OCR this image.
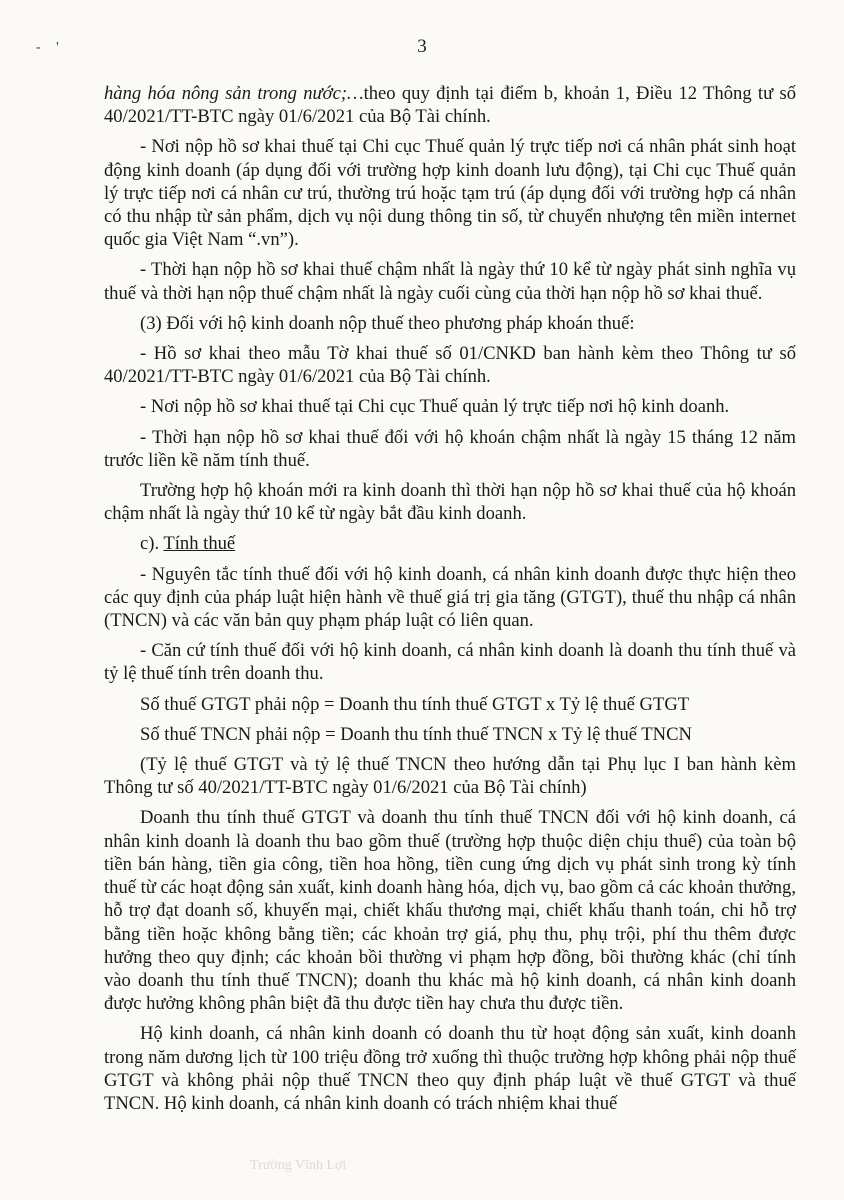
- '	3

hàng hóa nông sản trong nước;…theo quy định tại điểm b, khoản 1, Điều 12 Thông tư số 40/2021/TT-BTC ngày 01/6/2021 của Bộ Tài chính.

- Nơi nộp hồ sơ khai thuế tại Chi cục Thuế quản lý trực tiếp nơi cá nhân phát sinh hoạt động kinh doanh (áp dụng đối với trường hợp kinh doanh lưu động), tại Chi cục Thuế quản lý trực tiếp nơi cá nhân cư trú, thường trú hoặc tạm trú (áp dụng đối với trường hợp cá nhân có thu nhập từ sản phẩm, dịch vụ nội dung thông tin số, từ chuyển nhượng tên miền internet quốc gia Việt Nam “.vn”).

- Thời hạn nộp hồ sơ khai thuế chậm nhất là ngày thứ 10 kể từ ngày phát sinh nghĩa vụ thuế và thời hạn nộp thuế chậm nhất là ngày cuối cùng của thời hạn nộp hồ sơ khai thuế.

(3) Đối với hộ kinh doanh nộp thuế theo phương pháp khoán thuế:

- Hồ sơ khai theo mẫu Tờ khai thuế số 01/CNKD ban hành kèm theo Thông tư số 40/2021/TT-BTC ngày 01/6/2021 của Bộ Tài chính.

- Nơi nộp hồ sơ khai thuế tại Chi cục Thuế quản lý trực tiếp nơi hộ kinh doanh.

- Thời hạn nộp hồ sơ khai thuế đối với hộ khoán chậm nhất là ngày 15 tháng 12 năm trước liền kề năm tính thuế.

Trường hợp hộ khoán mới ra kinh doanh thì thời hạn nộp hồ sơ khai thuế của hộ khoán chậm nhất là ngày thứ 10 kể từ ngày bắt đầu kinh doanh.

c). Tính thuế

- Nguyên tắc tính thuế đối với hộ kinh doanh, cá nhân kinh doanh được thực hiện theo các quy định của pháp luật hiện hành về thuế giá trị gia tăng (GTGT), thuế thu nhập cá nhân (TNCN) và các văn bản quy phạm pháp luật có liên quan.

- Căn cứ tính thuế đối với hộ kinh doanh, cá nhân kinh doanh là doanh thu tính thuế và tỷ lệ thuế tính trên doanh thu.

Số thuế GTGT phải nộp = Doanh thu tính thuế GTGT x Tỷ lệ thuế GTGT

Số thuế TNCN phải nộp = Doanh thu tính thuế TNCN x Tỷ lệ thuế TNCN

(Tỷ lệ thuế GTGT và tỷ lệ thuế TNCN theo hướng dẫn tại Phụ lục I ban hành kèm Thông tư số 40/2021/TT-BTC ngày 01/6/2021 của Bộ Tài chính)

Doanh thu tính thuế GTGT và doanh thu tính thuế TNCN đối với hộ kinh doanh, cá nhân kinh doanh là doanh thu bao gồm thuế (trường hợp thuộc diện chịu thuế) của toàn bộ tiền bán hàng, tiền gia công, tiền hoa hồng, tiền cung ứng dịch vụ phát sinh trong kỳ tính thuế từ các hoạt động sản xuất, kinh doanh hàng hóa, dịch vụ, bao gồm cả các khoản thưởng, hỗ trợ đạt doanh số, khuyến mại, chiết khấu thương mại, chiết khấu thanh toán, chi hỗ trợ bằng tiền hoặc không bằng tiền; các khoản trợ giá, phụ thu, phụ trội, phí thu thêm được hưởng theo quy định; các khoản bồi thường vi phạm hợp đồng, bồi thường khác (chỉ tính vào doanh thu tính thuế TNCN); doanh thu khác mà hộ kinh doanh, cá nhân kinh doanh được hưởng không phân biệt đã thu được tiền hay chưa thu được tiền.

Hộ kinh doanh, cá nhân kinh doanh có doanh thu từ hoạt động sản xuất, kinh doanh trong năm dương lịch từ 100 triệu đồng trở xuống thì thuộc trường hợp không phải nộp thuế GTGT và không phải nộp thuế TNCN theo quy định pháp luật về thuế GTGT và thuế TNCN. Hộ kinh doanh, cá nhân kinh doanh có trách nhiệm khai thuế

Trường Vĩnh Lợi
